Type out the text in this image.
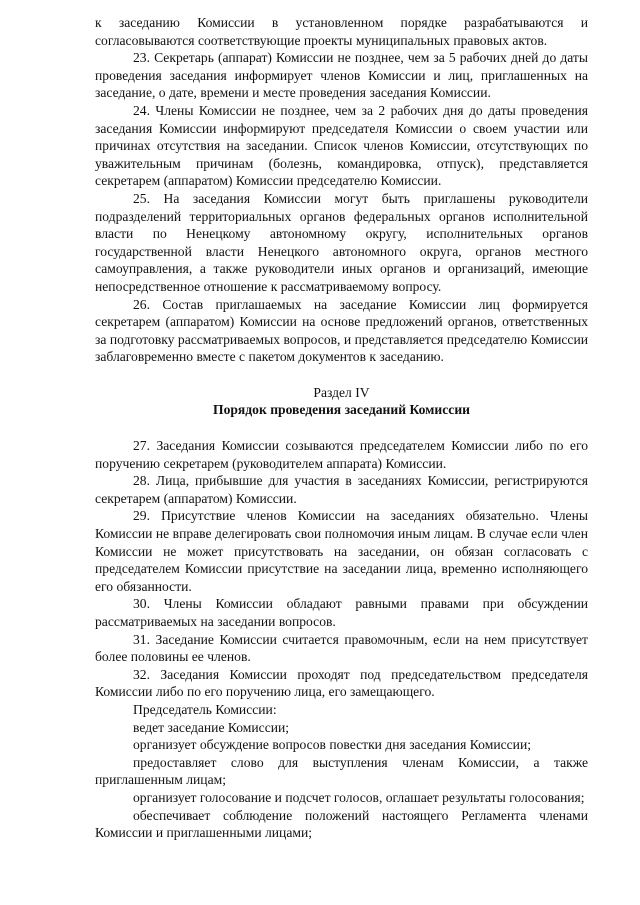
к заседанию Комиссии в установленном порядке разрабатываются и согласовываются соответствующие проекты муниципальных правовых актов.

23. Секретарь (аппарат) Комиссии не позднее, чем за 5 рабочих дней до даты проведения заседания информирует членов Комиссии и лиц, приглашенных на заседание, о дате, времени и месте проведения заседания Комиссии.

24. Члены Комиссии не позднее, чем за 2 рабочих дня до даты проведения заседания Комиссии информируют председателя Комиссии о своем участии или причинах отсутствия на заседании. Список членов Комиссии, отсутствующих по уважительным причинам (болезнь, командировка, отпуск), представляется секретарем (аппаратом) Комиссии председателю Комиссии.

25. На заседания Комиссии могут быть приглашены руководители подразделений территориальных органов федеральных органов исполнительной власти по Ненецкому автономному округу, исполнительных органов государственной власти Ненецкого автономного округа, органов местного самоуправления, а также руководители иных органов и организаций, имеющие непосредственное отношение к рассматриваемому вопросу.

26. Состав приглашаемых на заседание Комиссии лиц формируется секретарем (аппаратом) Комиссии на основе предложений органов, ответственных за подготовку рассматриваемых вопросов, и представляется председателю Комиссии заблаговременно вместе с пакетом документов к заседанию.

Раздел IV
Порядок проведения заседаний Комиссии

27. Заседания Комиссии созываются председателем Комиссии либо по его поручению секретарем (руководителем аппарата) Комиссии.

28. Лица, прибывшие для участия в заседаниях Комиссии, регистрируются секретарем (аппаратом) Комиссии.

29. Присутствие членов Комиссии на заседаниях обязательно. Члены Комиссии не вправе делегировать свои полномочия иным лицам. В случае если член Комиссии не может присутствовать на заседании, он обязан согласовать с председателем Комиссии присутствие на заседании лица, временно исполняющего его обязанности.

30. Члены Комиссии обладают равными правами при обсуждении рассматриваемых на заседании вопросов.

31. Заседание Комиссии считается правомочным, если на нем присутствует более половины ее членов.

32. Заседания Комиссии проходят под председательством председателя Комиссии либо по его поручению лица, его замещающего.

Председатель Комиссии:

ведет заседание Комиссии;

организует обсуждение вопросов повестки дня заседания Комиссии;

предоставляет слово для выступления членам Комиссии, а также приглашенным лицам;

организует голосование и подсчет голосов, оглашает результаты голосования;

обеспечивает соблюдение положений настоящего Регламента членами Комиссии и приглашенными лицами;
